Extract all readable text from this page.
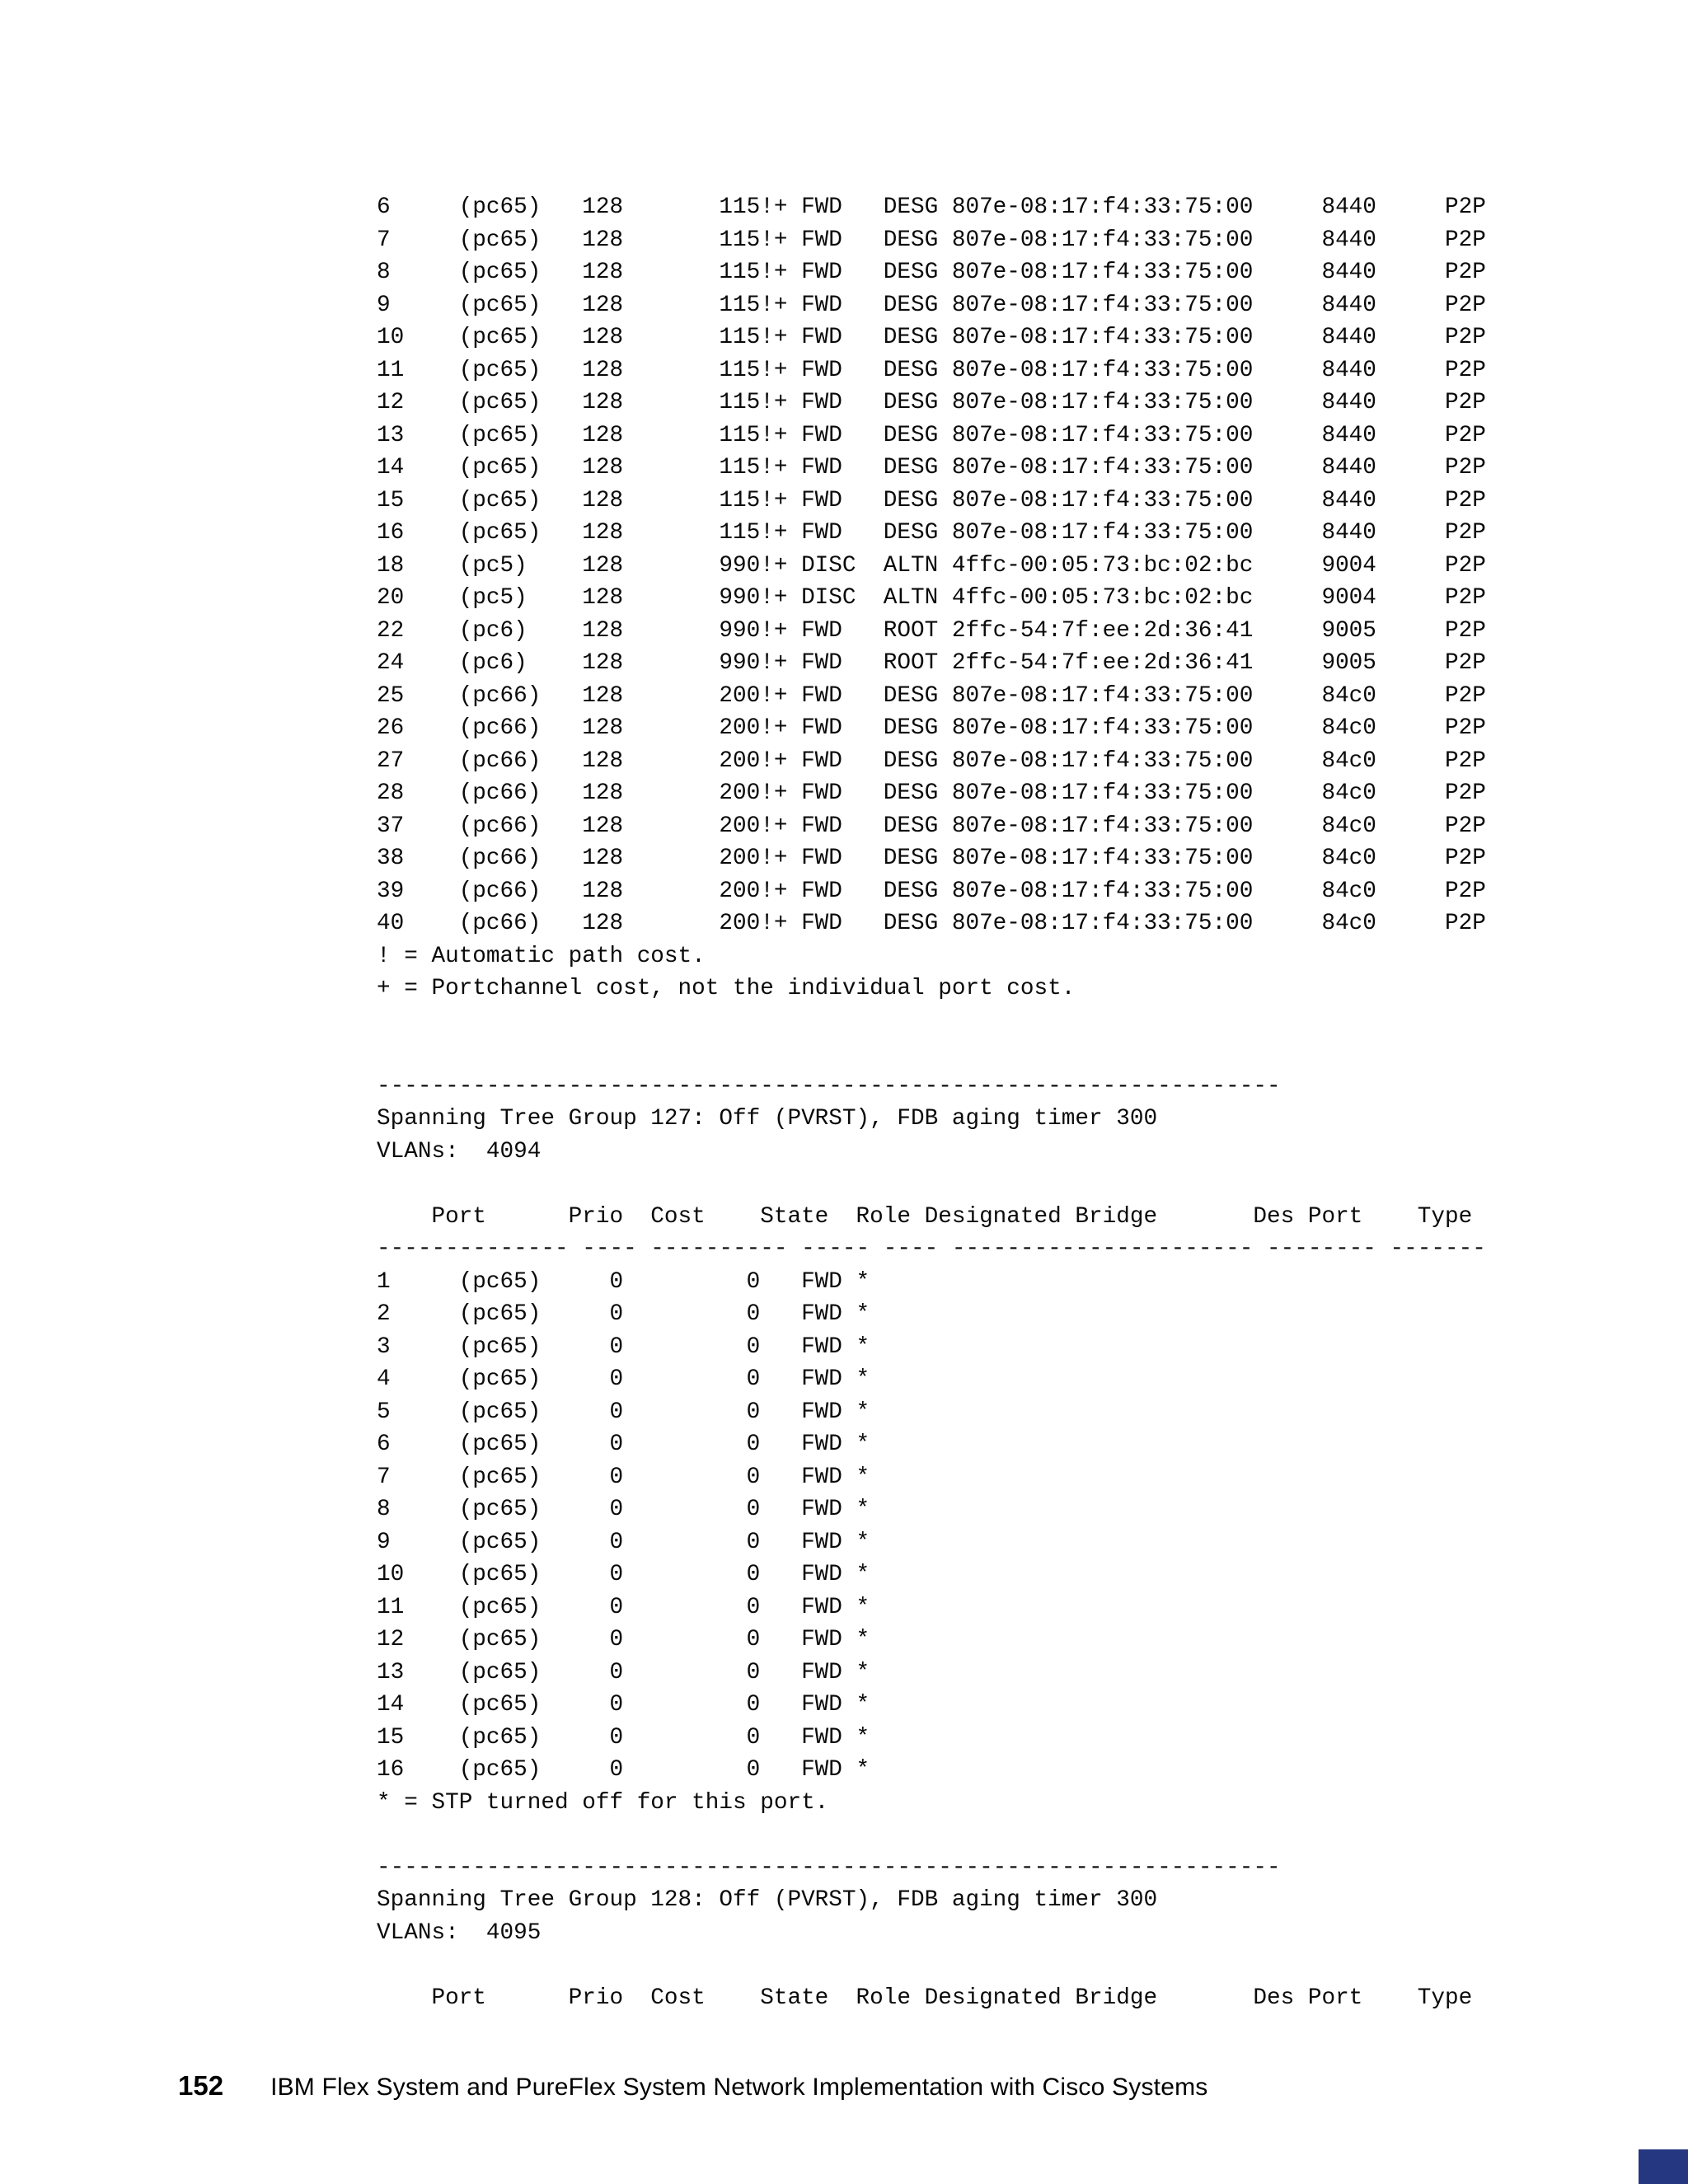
6     (pc65)   128       115!+ FWD   DESG 807e-08:17:f4:33:75:00     8440     P2P
7     (pc65)   128       115!+ FWD   DESG 807e-08:17:f4:33:75:00     8440     P2P
8     (pc65)   128       115!+ FWD   DESG 807e-08:17:f4:33:75:00     8440     P2P
9     (pc65)   128       115!+ FWD   DESG 807e-08:17:f4:33:75:00     8440     P2P
10    (pc65)   128       115!+ FWD   DESG 807e-08:17:f4:33:75:00     8440     P2P
11    (pc65)   128       115!+ FWD   DESG 807e-08:17:f4:33:75:00     8440     P2P
12    (pc65)   128       115!+ FWD   DESG 807e-08:17:f4:33:75:00     8440     P2P
13    (pc65)   128       115!+ FWD   DESG 807e-08:17:f4:33:75:00     8440     P2P
14    (pc65)   128       115!+ FWD   DESG 807e-08:17:f4:33:75:00     8440     P2P
15    (pc65)   128       115!+ FWD   DESG 807e-08:17:f4:33:75:00     8440     P2P
16    (pc65)   128       115!+ FWD   DESG 807e-08:17:f4:33:75:00     8440     P2P
18    (pc5)    128       990!+ DISC  ALTN 4ffc-00:05:73:bc:02:bc     9004     P2P
20    (pc5)    128       990!+ DISC  ALTN 4ffc-00:05:73:bc:02:bc     9004     P2P
22    (pc6)    128       990!+ FWD   ROOT 2ffc-54:7f:ee:2d:36:41     9005     P2P
24    (pc6)    128       990!+ FWD   ROOT 2ffc-54:7f:ee:2d:36:41     9005     P2P
25    (pc66)   128       200!+ FWD   DESG 807e-08:17:f4:33:75:00     84c0     P2P
26    (pc66)   128       200!+ FWD   DESG 807e-08:17:f4:33:75:00     84c0     P2P
27    (pc66)   128       200!+ FWD   DESG 807e-08:17:f4:33:75:00     84c0     P2P
28    (pc66)   128       200!+ FWD   DESG 807e-08:17:f4:33:75:00     84c0     P2P
37    (pc66)   128       200!+ FWD   DESG 807e-08:17:f4:33:75:00     84c0     P2P
38    (pc66)   128       200!+ FWD   DESG 807e-08:17:f4:33:75:00     84c0     P2P
39    (pc66)   128       200!+ FWD   DESG 807e-08:17:f4:33:75:00     84c0     P2P
40    (pc66)   128       200!+ FWD   DESG 807e-08:17:f4:33:75:00     84c0     P2P
! = Automatic path cost.
+ = Portchannel cost, not the individual port cost.

------------------------------------------------------------------
Spanning Tree Group 127: Off (PVRST), FDB aging timer 300
VLANs:  4094

Port      Prio  Cost    State  Role Designated Bridge       Des Port    Type
-------------- ---- ---------- ----- ---- ---------------------- -------- -------
1     (pc65)     0         0   FWD *
2     (pc65)     0         0   FWD *
3     (pc65)     0         0   FWD *
4     (pc65)     0         0   FWD *
5     (pc65)     0         0   FWD *
6     (pc65)     0         0   FWD *
7     (pc65)     0         0   FWD *
8     (pc65)     0         0   FWD *
9     (pc65)     0         0   FWD *
10    (pc65)     0         0   FWD *
11    (pc65)     0         0   FWD *
12    (pc65)     0         0   FWD *
13    (pc65)     0         0   FWD *
14    (pc65)     0         0   FWD *
15    (pc65)     0         0   FWD *
16    (pc65)     0         0   FWD *
* = STP turned off for this port.

------------------------------------------------------------------
Spanning Tree Group 128: Off (PVRST), FDB aging timer 300
VLANs:  4095

Port      Prio  Cost    State  Role Designated Bridge       Des Port    Type
152 IBM Flex System and PureFlex System Network Implementation with Cisco Systems
